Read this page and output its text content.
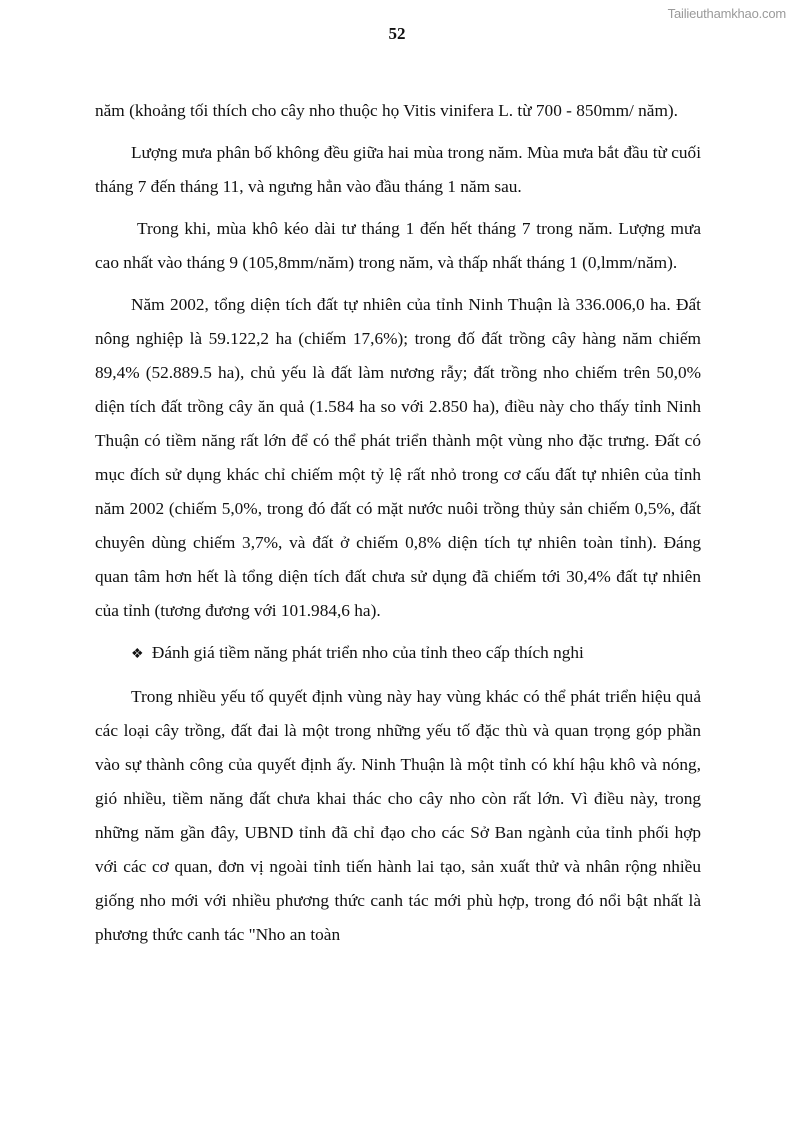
Tailieuthamkhao.com
52

năm (khoảng tối thích cho cây nho thuộc họ Vitis vinifera L. từ 700 - 850mm/ năm).

Lượng mưa phân bố không đều giữa hai mùa trong năm. Mùa mưa bắt đầu từ cuối tháng 7 đến tháng 11, và ngưng hẳn vào đầu tháng 1 năm sau.

Trong khi, mùa khô kéo dài tư tháng 1 đến hết tháng 7 trong năm. Lượng mưa cao nhất vào tháng 9 (105,8mm/năm) trong năm, và thấp nhất tháng 1 (0,lmm/năm).

Năm 2002, tổng diện tích đất tự nhiên của tỉnh Ninh Thuận là 336.006,0 ha. Đất nông nghiệp là 59.122,2 ha (chiếm 17,6%); trong đố đất trồng cây hàng năm chiếm 89,4% (52.889.5 ha), chủ yếu là đất làm nương rẫy; đất trồng nho chiếm trên 50,0% diện tích đất trồng cây ăn quả (1.584 ha so với 2.850 ha), điều này cho thấy tỉnh Ninh Thuận có tiềm năng rất lớn để có thể phát triển thành một vùng nho đặc trưng. Đất có mục đích sử dụng khác chỉ chiếm một tỷ lệ rất nhỏ trong cơ cấu đất tự nhiên của tỉnh năm 2002 (chiếm 5,0%, trong đó đất có mặt nước nuôi trồng thủy sản chiếm 0,5%, đất chuyên dùng chiếm 3,7%, và đất ở chiếm 0,8% diện tích tự nhiên toàn tỉnh). Đáng quan tâm hơn hết là tổng diện tích đất chưa sử dụng đã chiếm tới 30,4% đất tự nhiên của tỉnh (tương đương với 101.984,6 ha).

❖ Đánh giá tiềm năng phát triển nho của tỉnh theo cấp thích nghi

Trong nhiều yếu tố quyết định vùng này hay vùng khác có thể phát triển hiệu quả các loại cây trồng, đất đai là một trong những yếu tố đặc thù và quan trọng góp phần vào sự thành công của quyết định ấy. Ninh Thuận là một tỉnh có khí hậu khô và nóng, gió nhiều, tiềm năng đất chưa khai thác cho cây nho còn rất lớn. Vì điều này, trong những năm gần đây, UBND tỉnh đã chỉ đạo cho các Sở Ban ngành của tỉnh phối hợp với các cơ quan, đơn vị ngoài tỉnh tiến hành lai tạo, sản xuất thử và nhân rộng nhiều giống nho mới với nhiều phương thức canh tác mới phù hợp, trong đó nổi bật nhất là phương thức canh tác "Nho an toàn
